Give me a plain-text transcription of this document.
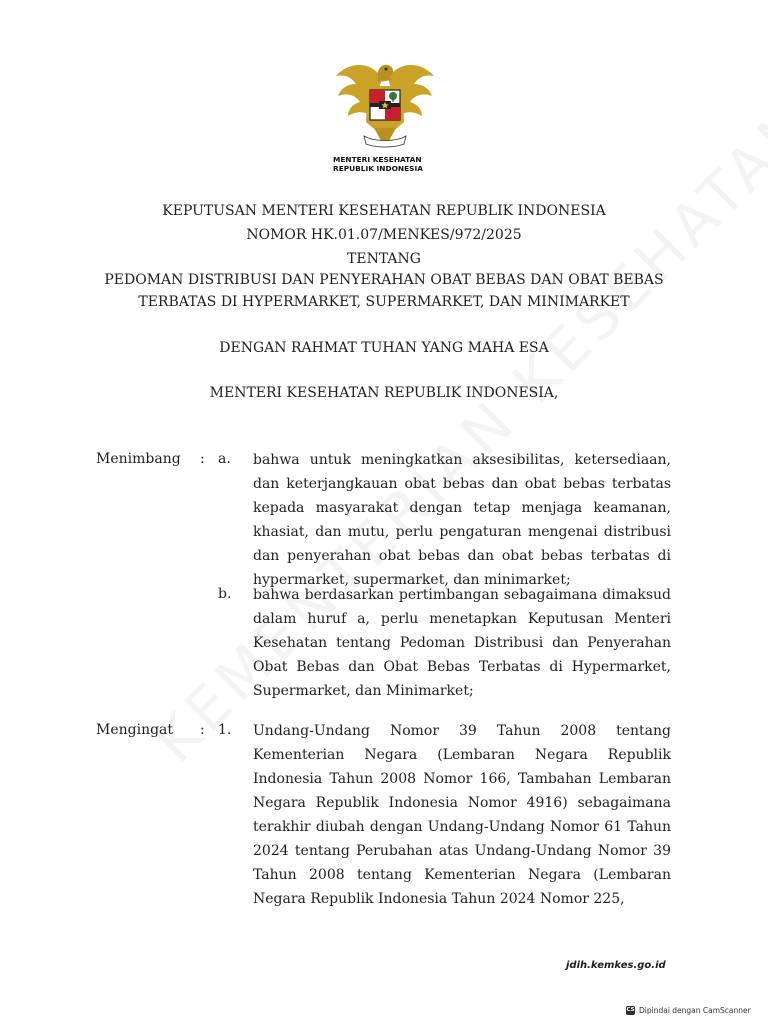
MENTERI KESEHATAN
REPUBLIK INDONESIA
KEPUTUSAN MENTERI KESEHATAN REPUBLIK INDONESIA
NOMOR HK.01.07/MENKES/972/2025
TENTANG
PEDOMAN DISTRIBUSI DAN PENYERAHAN OBAT BEBAS DAN OBAT BEBAS
TERBATAS DI HYPERMARKET, SUPERMARKET, DAN MINIMARKET
DENGAN RAHMAT TUHAN YANG MAHA ESA
MENTERI KESEHATAN REPUBLIK INDONESIA,
Menimbang : a. bahwa untuk meningkatkan aksesibilitas, ketersediaan, dan keterjangkauan obat bebas dan obat bebas terbatas kepada masyarakat dengan tetap menjaga keamanan, khasiat, dan mutu, perlu pengaturan mengenai distribusi dan penyerahan obat bebas dan obat bebas terbatas di hypermarket, supermarket, dan minimarket;
b. bahwa berdasarkan pertimbangan sebagaimana dimaksud dalam huruf a, perlu menetapkan Keputusan Menteri Kesehatan tentang Pedoman Distribusi dan Penyerahan Obat Bebas dan Obat Bebas Terbatas di Hypermarket, Supermarket, dan Minimarket;
Mengingat : 1. Undang-Undang Nomor 39 Tahun 2008 tentang Kementerian Negara (Lembaran Negara Republik Indonesia Tahun 2008 Nomor 166, Tambahan Lembaran Negara Republik Indonesia Nomor 4916) sebagaimana terakhir diubah dengan Undang-Undang Nomor 61 Tahun 2024 tentang Perubahan atas Undang-Undang Nomor 39 Tahun 2008 tentang Kementerian Negara (Lembaran Negara Republik Indonesia Tahun 2024 Nomor 225,
jdih.kemkes.go.id
CS Dipindai dengan CamScanner
